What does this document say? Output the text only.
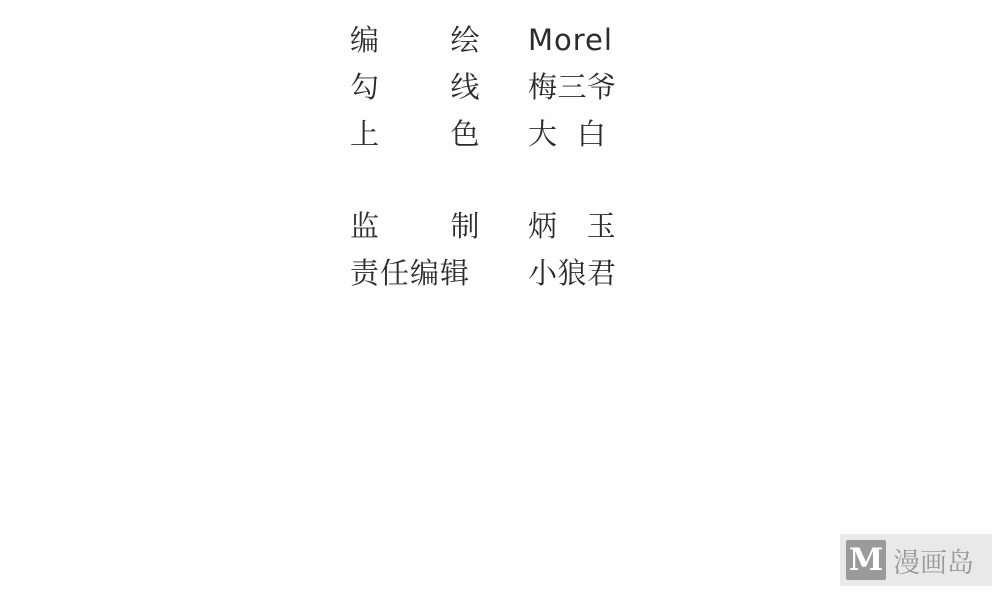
编 绘 Morel
勾 线 梅三爷
上 色 大  白
监 制 炳   玉
责任编辑 小狼君
M 漫画岛
